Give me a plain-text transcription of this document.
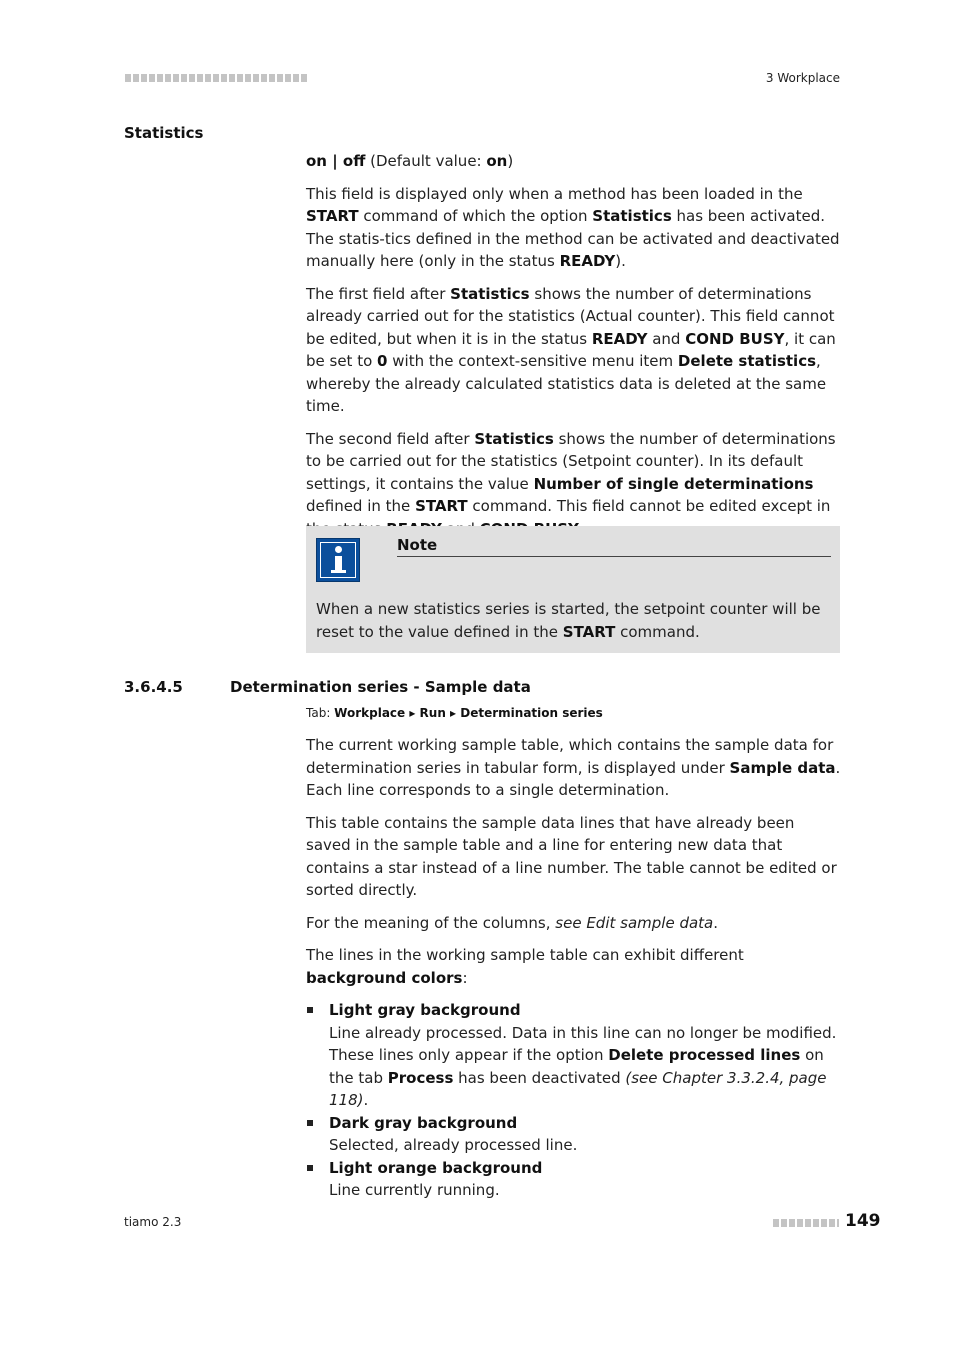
3 Workplace
Statistics

on | off (Default value: on)

This field is displayed only when a method has been loaded in the START command of which the option Statistics has been activated. The statis-tics defined in the method can be activated and deactivated manually here (only in the status READY).

The first field after Statistics shows the number of determinations already carried out for the statistics (Actual counter). This field cannot be edited, but when it is in the status READY and COND BUSY, it can be set to 0 with the context-sensitive menu item Delete statistics, whereby the already calculated statistics data is deleted at the same time.

The second field after Statistics shows the number of determinations to be carried out for the statistics (Setpoint counter). In its default settings, it contains the value Number of single determinations defined in the START command. This field cannot be edited except in

Note
When a new statistics series is started, the setpoint counter will be reset to the value defined in the START command.
3.6.4.5	Determination series - Sample data
Tab: Workplace ▸ Run ▸ Determination series

The current working sample table, which contains the sample data for determination series in tabular form, is displayed under Sample data. Each line corresponds to a single determination.

This table contains the sample data lines that have already been saved in the sample table and a line for entering new data that contains a star instead of a line number. The table cannot be edited or sorted directly.

For the meaning of the columns, see Edit sample data.

The lines in the working sample table can exhibit different background colors:

Light gray background
Line already processed. Data in this line can no longer be modified. These lines only appear if the option Delete processed lines on the tab Process has been deactivated (see Chapter 3.3.2.4, page 118).
Dark gray background
Selected, already processed line.
Light orange background
Line currently running.
tiamo 2.3	149
